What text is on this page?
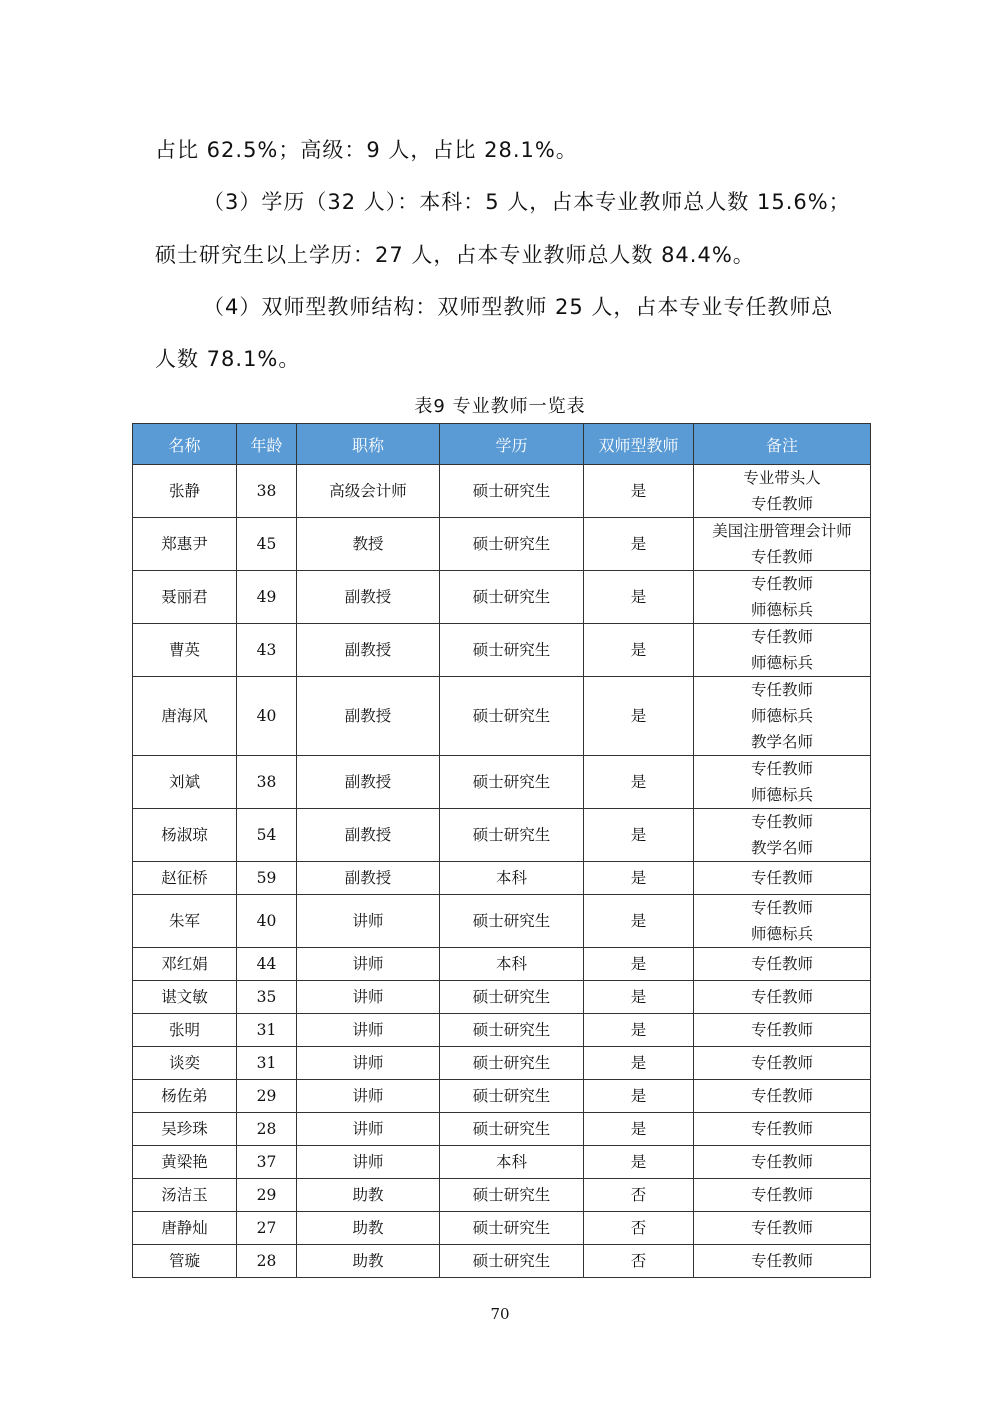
占比 62.5%；高级：9 人，占比 28.1%。

（3）学历（32 人）：本科：5 人，占本专业教师总人数 15.6%；

硕士研究生以上学历：27 人，占本专业教师总人数 84.4%。

（4）双师型教师结构：双师型教师 25 人，占本专业专任教师总

人数 78.1%。

表9 专业教师一览表
名称	年龄	职称	学历	双师型教师	备注
张静	38	高级会计师	硕士研究生	是	专业带头人
专任教师

郑惠尹	45	教授	硕士研究生	是	美国注册管理会计师
专任教师

聂丽君	49	副教授	硕士研究生	是	专任教师
师德标兵

曹英	43	副教授	硕士研究生	是	专任教师
师德标兵

唐海风	40	副教授	硕士研究生	是	专任教师
师德标兵
教学名师

刘斌	38	副教授	硕士研究生	是	专任教师
师德标兵

杨淑琼	54	副教授	硕士研究生	是	专任教师
教学名师

赵征桥	59	副教授	本科	是	专任教师

朱军	40	讲师	硕士研究生	是	专任教师
师德标兵

邓红娟	44	讲师	本科	是	专任教师

谌文敏	35	讲师	硕士研究生	是	专任教师

张明	31	讲师	硕士研究生	是	专任教师

谈奕	31	讲师	硕士研究生	是	专任教师

杨佐弟	29	讲师	硕士研究生	是	专任教师

吴珍珠	28	讲师	硕士研究生	是	专任教师

黄梁艳	37	讲师	本科	是	专任教师

汤洁玉	29	助教	硕士研究生	否	专任教师

唐静灿	27	助教	硕士研究生	否	专任教师

管璇	28	助教	硕士研究生	否	专任教师
70
